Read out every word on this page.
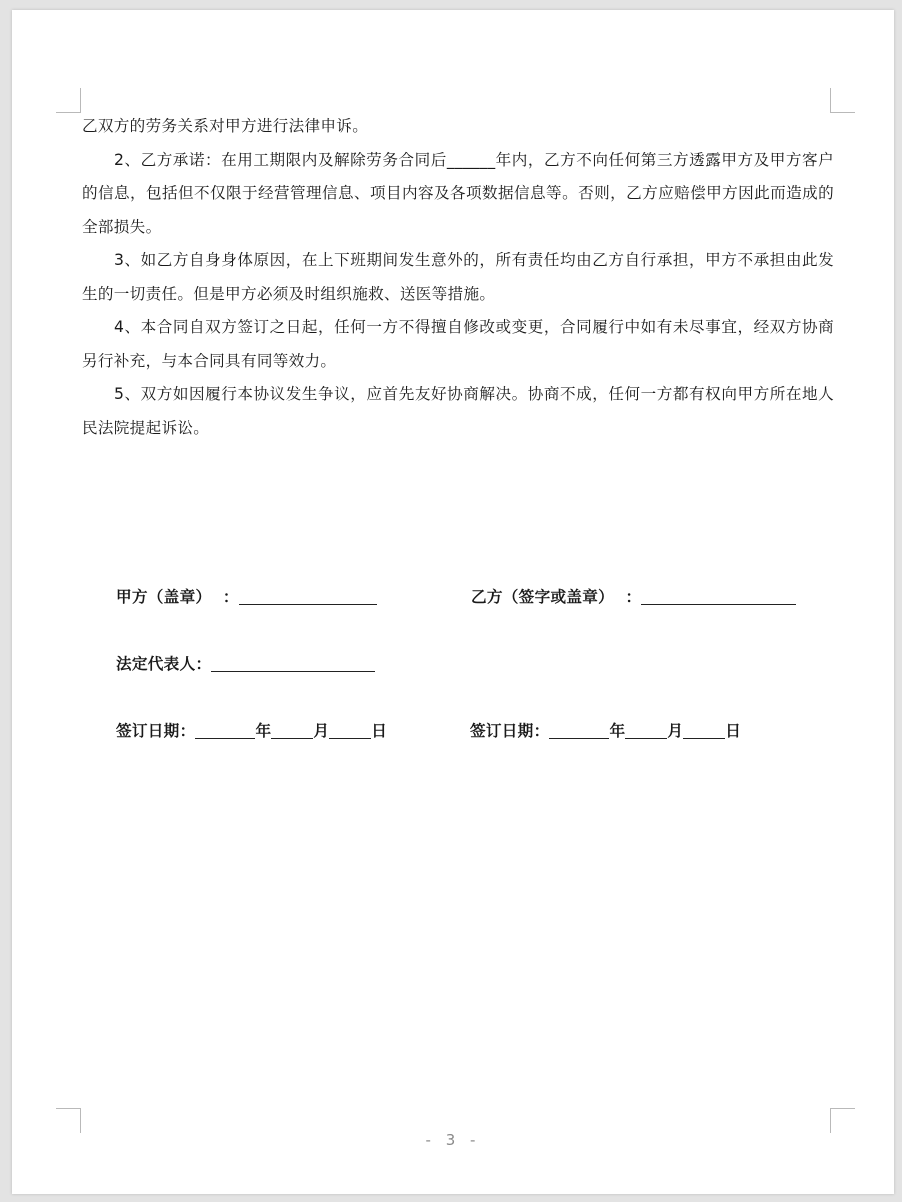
乙双方的劳务关系对甲方进行法律申诉。

2、乙方承诺：在用工期限内及解除劳务合同后______年内，乙方不向任何第三方透露甲方及甲方客户的信息，包括但不仅限于经营管理信息、项目内容及各项数据信息等。否则，乙方应赔偿甲方因此而造成的全部损失。

3、如乙方自身身体原因，在上下班期间发生意外的，所有责任均由乙方自行承担，甲方不承担由此发生的一切责任。但是甲方必须及时组织施救、送医等措施。

4、本合同自双方签订之日起，任何一方不得擅自修改或变更，合同履行中如有未尽事宜，经双方协商另行补充，与本合同具有同等效力。

5、双方如因履行本协议发生争议，应首先友好协商解决。协商不成，任何一方都有权向甲方所在地人民法院提起诉讼。

甲方（盖章）  ：	乙方（签字或盖章）  ：
法定代表人：
签订日期：	年	月	日	签订日期：	年	月	日
- 3 -
